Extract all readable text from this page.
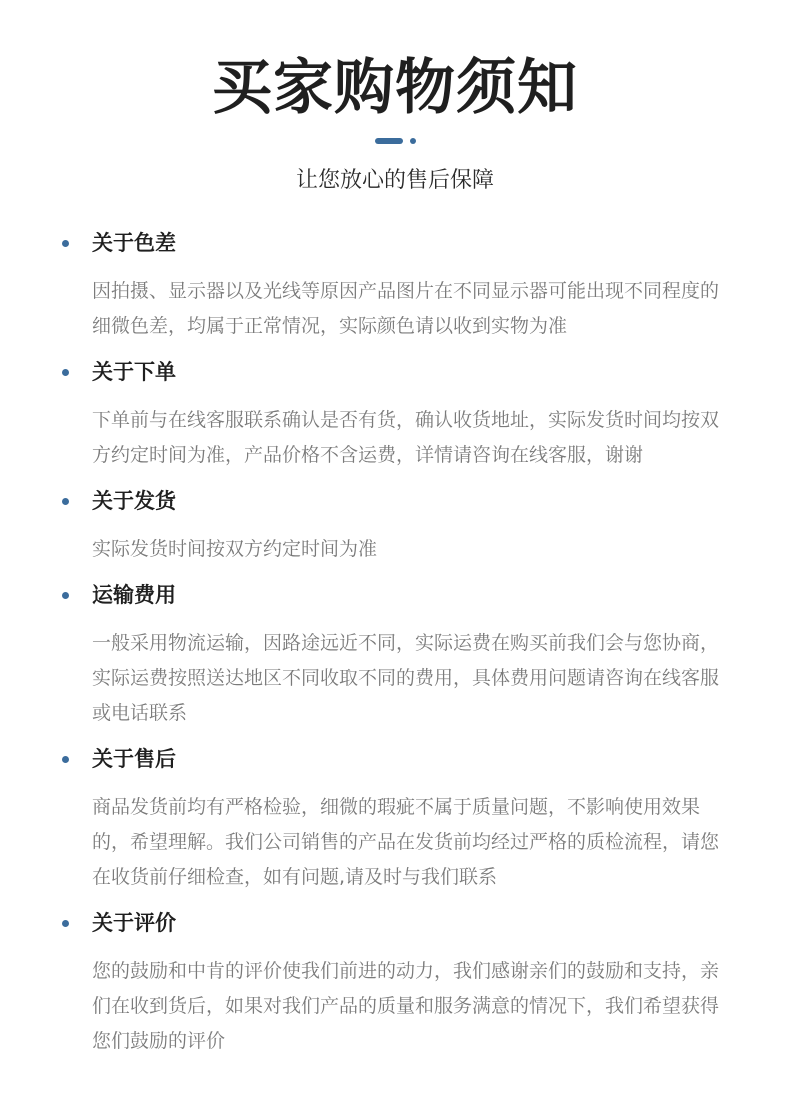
买家购物须知
让您放心的售后保障
关于色差
因拍摄、显示器以及光线等原因产品图片在不同显示器可能出现不同程度的细微色差，均属于正常情况，实际颜色请以收到实物为准
关于下单
下单前与在线客服联系确认是否有货，确认收货地址，实际发货时间均按双方约定时间为准，产品价格不含运费，详情请咨询在线客服，谢谢
关于发货
实际发货时间按双方约定时间为准
运输费用
一般采用物流运输，因路途远近不同，实际运费在购买前我们会与您协商，实际运费按照送达地区不同收取不同的费用，具体费用问题请咨询在线客服或电话联系
关于售后
商品发货前均有严格检验，细微的瑕疵不属于质量问题，不影响使用效果的，希望理解。我们公司销售的产品在发货前均经过严格的质检流程，请您在收货前仔细检查，如有问题,请及时与我们联系
关于评价
您的鼓励和中肯的评价使我们前进的动力，我们感谢亲们的鼓励和支持，亲们在收到货后，如果对我们产品的质量和服务满意的情况下，我们希望获得您们鼓励的评价
